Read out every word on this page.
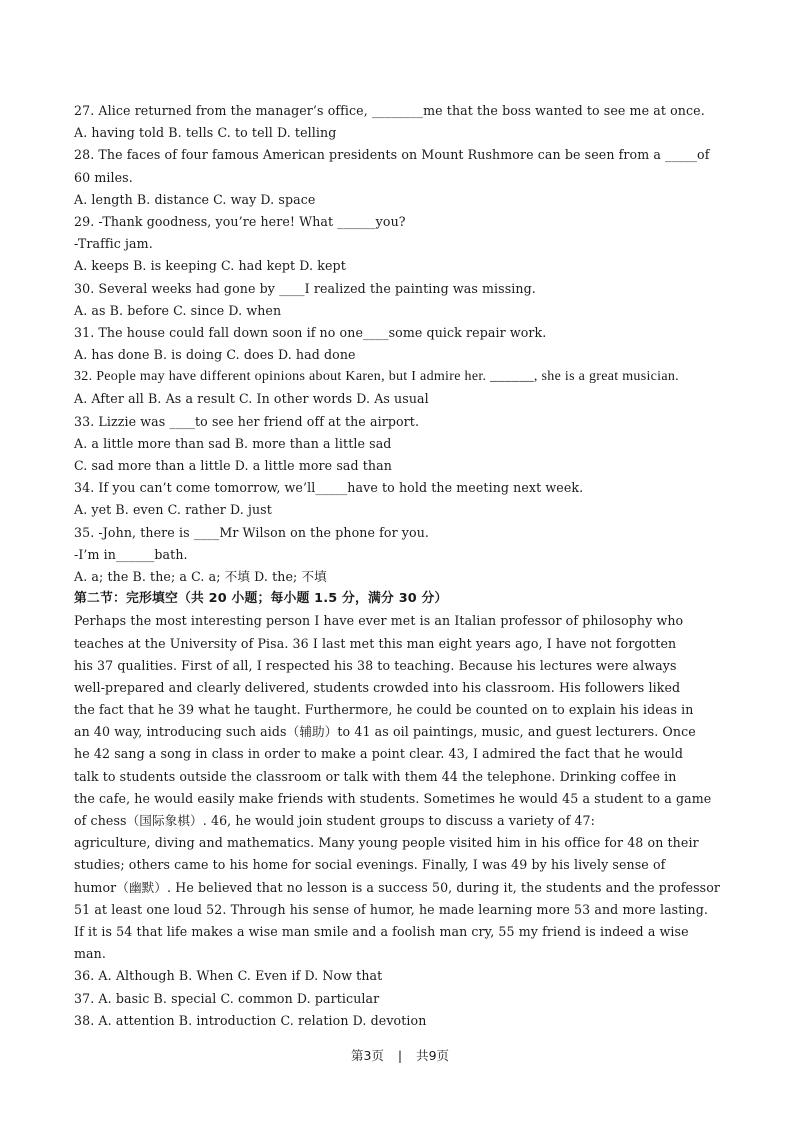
27. Alice returned from the manager’s office, ________me that the boss wanted to see me at once.
A. having told B. tells C. to tell D. telling
28. The faces of four famous American presidents on Mount Rushmore can be seen from a _____of
60 miles.
A. length B. distance C. way D. space
29. -Thank goodness, you’re here! What ______you?
-Traffic jam.
A. keeps B. is keeping C. had kept D. kept
30. Several weeks had gone by ____I realized the painting was missing.
A. as B. before C. since D. when
31. The house could fall down soon if no one____some quick repair work.
A. has done B. is doing C. does D. had done
32. People may have different opinions about Karen, but I admire her. ______, she is a great musician.
A. After all B. As a result C. In other words D. As usual
33. Lizzie was ____to see her friend off at the airport.
A. a little more than sad B. more than a little sad
C. sad more than a little D. a little more sad than
34. If you can’t come tomorrow, we’ll_____have to hold the meeting next week.
A. yet B. even C. rather D. just
35. -John, there is ____Mr Wilson on the phone for you.
-I’m in______bath.
A. a; the B. the; a C. a; 不填 D. the; 不填
第二节：完形填空（共 20 小题；每小题 1.5 分，满分 30 分）
Perhaps the most interesting person I have ever met is an Italian professor of philosophy who
teaches at the University of Pisa. 36 I last met this man eight years ago, I have not forgotten
his 37 qualities. First of all, I respected his 38 to teaching. Because his lectures were always
well-prepared and clearly delivered, students crowded into his classroom. His followers liked
the fact that he 39 what he taught. Furthermore, he could be counted on to explain his ideas in
an 40 way, introducing such aids（辅助）to 41 as oil paintings, music, and guest lecturers. Once
he 42 sang a song in class in order to make a point clear. 43, I admired the fact that he would
talk to students outside the classroom or talk with them 44 the telephone. Drinking coffee in
the cafe, he would easily make friends with students. Sometimes he would 45 a student to a game
of chess（国际象棋）. 46, he would join student groups to discuss a variety of 47:
agriculture, diving and mathematics. Many young people visited him in his office for 48 on their
studies; others came to his home for social evenings. Finally, I was 49 by his lively sense of
humor（幽默）. He believed that no lesson is a success 50, during it, the students and the professor
51 at least one loud 52. Through his sense of humor, he made learning more 53 and more lasting.
If it is 54 that life makes a wise man smile and a foolish man cry, 55 my friend is indeed a wise
man.
36. A. Although B. When C. Even if D. Now that
37. A. basic B. special C. common D. particular
38. A. attention B. introduction C. relation D. devotion
第3页 | 共9页
